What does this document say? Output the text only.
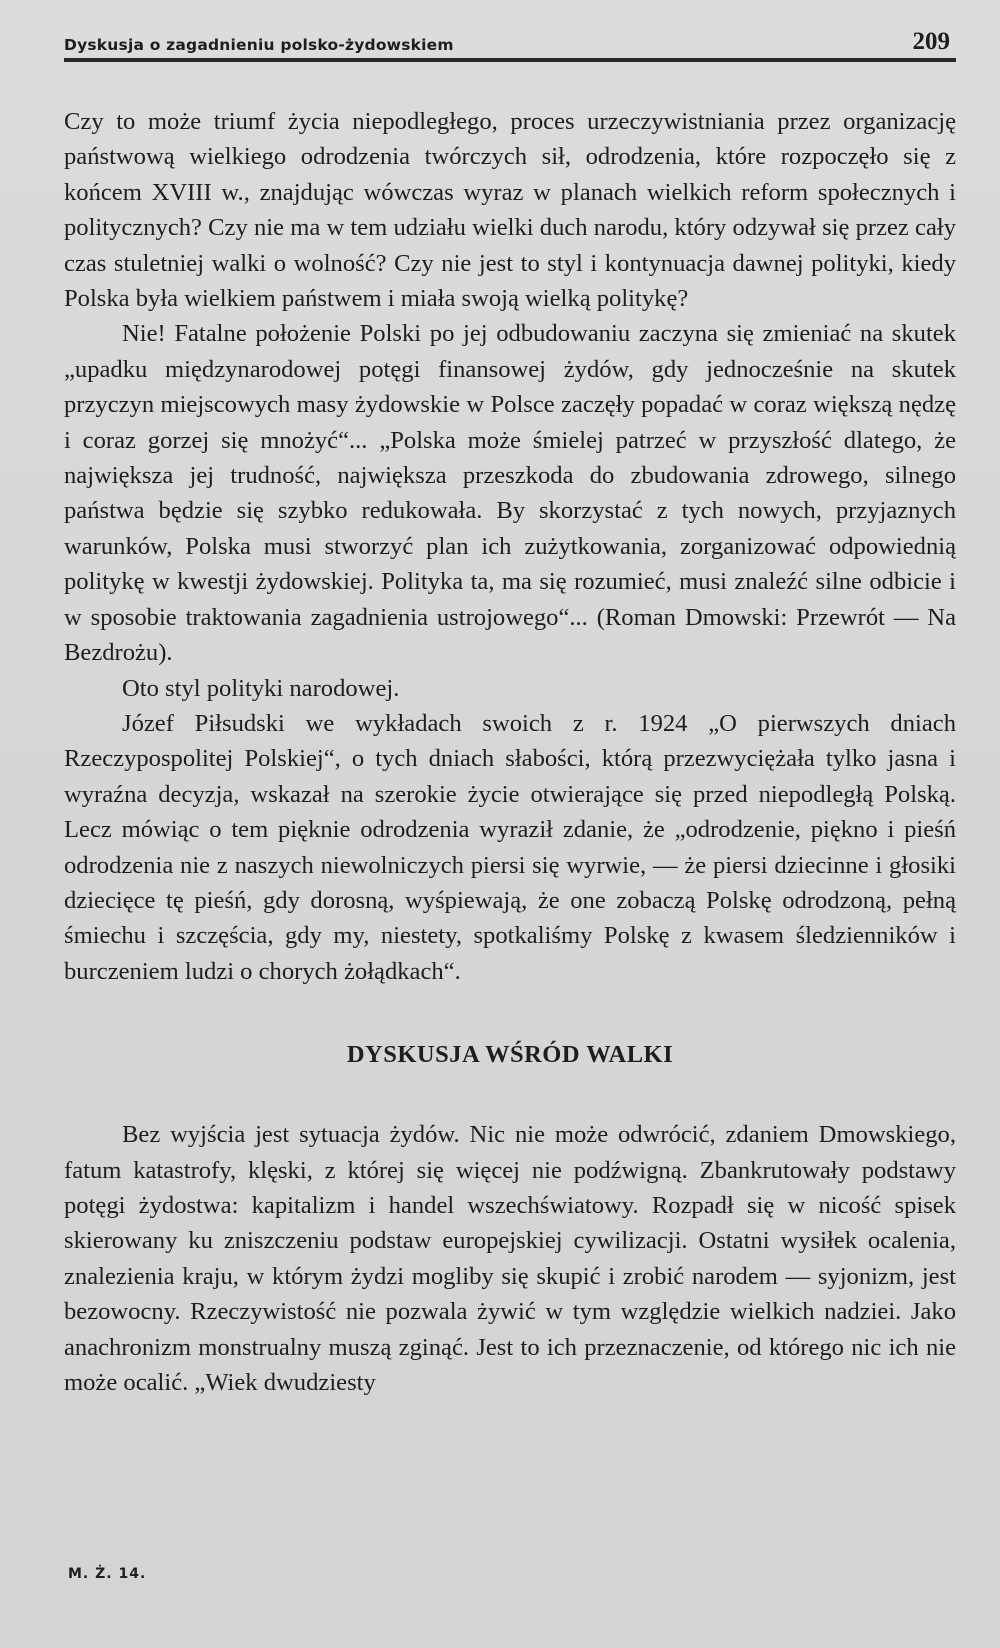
Dyskusja o zagadnieniu polsko-żydowskiem	209

Czy to może triumf życia niepodległego, proces urzeczywistniania przez organizację państwową wielkiego odrodzenia twórczych sił, odrodzenia, które rozpoczęło się z końcem XVIII w., znajdując wówczas wyraz w planach wielkich reform społecznych i politycznych? Czy nie ma w tem udziału wielki duch narodu, który odzywał się przez cały czas stuletniej walki o wolność? Czy nie jest to styl i kontynuacja dawnej polityki, kiedy Polska była wielkiem państwem i miała swoją wielką politykę?

Nie! Fatalne położenie Polski po jej odbudowaniu zaczyna się zmieniać na skutek „upadku międzynarodowej potęgi finansowej żydów, gdy jednocześnie na skutek przyczyn miejscowych masy żydowskie w Polsce zaczęły popadać w coraz większą nędzę i coraz gorzej się mnożyć“... „Polska może śmielej patrzeć w przyszłość dlatego, że największa jej trudność, największa przeszkoda do zbudowania zdrowego, silnego państwa będzie się szybko redukowała. By skorzystać z tych nowych, przyjaznych warunków, Polska musi stworzyć plan ich zużytkowania, zorganizować odpowiednią politykę w kwestji żydowskiej. Polityka ta, ma się rozumieć, musi znaleźć silne odbicie i w sposobie traktowania zagadnienia ustrojowego“... (Roman Dmowski: Przewrót — Na Bezdrożu).

Oto styl polityki narodowej.

Józef Piłsudski we wykładach swoich z r. 1924 „O pierwszych dniach Rzeczypospolitej Polskiej“, o tych dniach słabości, którą przezwyciężała tylko jasna i wyraźna decyzja, wskazał na szerokie życie otwierające się przed niepodległą Polską. Lecz mówiąc o tem pięknie odrodzenia wyraził zdanie, że „odrodzenie, piękno i pieśń odrodzenia nie z naszych niewolniczych piersi się wyrwie, — że piersi dziecinne i głosiki dziecięce tę pieśń, gdy dorosną, wyśpiewają, że one zobaczą Polskę odrodzoną, pełną śmiechu i szczęścia, gdy my, niestety, spotkaliśmy Polskę z kwasem śledzienników i burczeniem ludzi o chorych żołądkach“.

DYSKUSJA WŚRÓD WALKI

Bez wyjścia jest sytuacja żydów. Nic nie może odwrócić, zdaniem Dmowskiego, fatum katastrofy, klęski, z której się więcej nie podźwigną. Zbankrutowały podstawy potęgi żydostwa: kapitalizm i handel wszechświatowy. Rozpadł się w nicość spisek skierowany ku zniszczeniu podstaw europejskiej cywilizacji. Ostatni wysiłek ocalenia, znalezienia kraju, w którym żydzi mogliby się skupić i zrobić narodem — syjonizm, jest bezowocny. Rzeczywistość nie pozwala żywić w tym względzie wielkich nadziei. Jako anachronizm monstrualny muszą zginąć. Jest to ich przeznaczenie, od którego nic ich nie może ocalić. „Wiek dwudziesty

M. Ż. 14.
